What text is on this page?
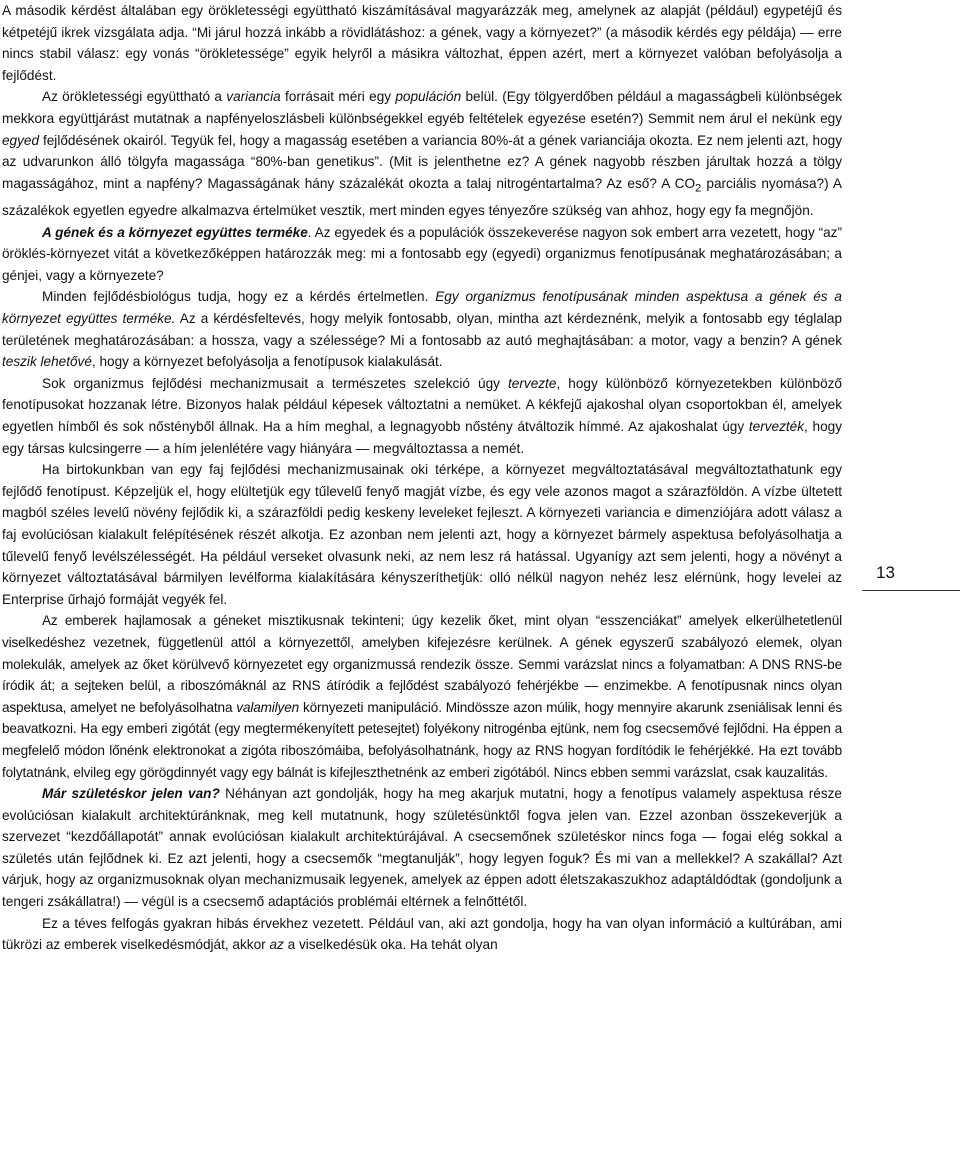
A második kérdést általában egy örökletességi együttható kiszámításával magyarázzák meg, amelynek az alapját (például) egypetéjű és kétpetéjű ikrek vizsgálata adja. “Mi járul hozzá inkább a rövidlátáshoz: a gének, vagy a környezet?” (a második kérdés egy példája) ― erre nincs stabil válasz: egy vonás “örökletessége” egyik helyről a másikra változhat, éppen azért, mert a környezet valóban befolyásolja a fejlődést.

Az örökletességi együttható a variancia forrásait méri egy populáción belül. (Egy tölgyerdőben például a magasságbeli különbségek mekkora együttjárást mutatnak a napfényeloszlásbeli különbségekkel egyéb feltételek egyezése esetén?) Semmit nem árul el nekünk egy egyed fejlődésének okairól. Tegyük fel, hogy a magasság esetében a variancia 80%-át a gének varianciája okozta. Ez nem jelenti azt, hogy az udvarunkon álló tölgyfa magassága “80%-ban genetikus”. (Mit is jelenthetne ez? A gének nagyobb részben járultak hozzá a tölgy magasságához, mint a napfény? Magasságának hány százalékát okozta a talaj nitrogéntartalma? Az eső? A $CO_2$ parciális nyomása?) A százalékok egyetlen egyedre alkalmazva értelmüket vesztik, mert minden egyes tényezőre szükség van ahhoz, hogy egy fa megnőjön.

A gének és a környezet együttes terméke. Az egyedek és a populációk összekeverése nagyon sok embert arra vezetett, hogy “az” öröklés-környezet vitát a következőképpen határozzák meg: mi a fontosabb egy (egyedi) organizmus fenotípusának meghatározásában; a génjei, vagy a környezete?

Minden fejlődésbiológus tudja, hogy ez a kérdés értelmetlen. Egy organizmus fenotípusának minden aspektusa a gének és a környezet együttes terméke. Az a kérdésfeltevés, hogy melyik fontosabb, olyan, mintha azt kérdeznénk, melyik a fontosabb egy téglalap területének meghatározásában: a hossza, vagy a szélessége? Mi a fontosabb az autó meghajtásában: a motor, vagy a benzin? A gének teszik lehetővé, hogy a környezet befolyásolja a fenotípusok kialakulását.

Sok organizmus fejlődési mechanizmusait a természetes szelekció úgy tervezte, hogy különböző környezetekben különböző fenotípusokat hozzanak létre. Bizonyos halak például képesek változtatni a nemüket. A kékfejű ajakoshal olyan csoportokban él, amelyek egyetlen hímből és sok nőstényből állnak. Ha a hím meghal, a legnagyobb nőstény átváltozik hímmé. Az ajakoshalat úgy tervezték, hogy egy társas kulcsingerre ― a hím jelenlétére vagy hiányára ― megváltoztassa a nemét.

Ha birtokunkban van egy faj fejlődési mechanizmusainak oki térképe, a környezet megváltoztatásával megváltoztathatunk egy fejlődő fenotípust. Képzeljük el, hogy elültetjük egy tűlevelű fenyő magját vízbe, és egy vele azonos magot a szárazföldön. A vízbe ültetett magból széles levelű növény fejlődik ki, a szárazföldi pedig keskeny leveleket fejleszt. A környezeti variancia e dimenziójára adott válasz a faj evolúciósan kialakult felépítésének részét alkotja. Ez azonban nem jelenti azt, hogy a környezet bármely aspektusa befolyásolhatja a tűlevelű fenyő levélszélességét. Ha például verseket olvasunk neki, az nem lesz rá hatással. Ugyanígy azt sem jelenti, hogy a növényt a környezet változtatásával bármilyen levélforma kialakítására kényszeríthetjük: olló nélkül nagyon nehéz lesz elérnünk, hogy levelei az Enterprise űrhajó formáját vegyék fel.

Az emberek hajlamosak a géneket misztikusnak tekinteni; úgy kezelik őket, mint olyan “esszenciákat” amelyek elkerülhetetlenül viselkedéshez vezetnek, függetlenül attól a környezettől, amelyben kifejezésre kerülnek. A gének egyszerű szabályozó elemek, olyan molekulák, amelyek az őket körülvevő környezetet egy organizmussá rendezik össze. Semmi varázslat nincs a folyamatban: A DNS RNS-be íródik át; a sejteken belül, a riboszómáknál az RNS átíródik a fejlődést szabályozó fehérjékbe ― enzimekbe. A fenotípusnak nincs olyan aspektusa, amelyet ne befolyásolhatna valamilyen környezeti manipuláció. Mindössze azon múlik, hogy mennyire akarunk zseniálisak lenni és beavatkozni. Ha egy emberi zigótát (egy megtermékenyített petesejtet) folyékony nitrogénba ejtünk, nem fog csecsemővé fejlődni. Ha éppen a megfelelő módon lőnénk elektronokat a zigóta riboszómáiba, befolyásolhatnánk, hogy az RNS hogyan fordítódik le fehérjékké. Ha ezt tovább folytatnánk, elvileg egy görögdinnyét vagy egy bálnát is kifejleszthetnénk az emberi zigótából. Nincs ebben semmi varázslat, csak kauzalitás.

Már születéskor jelen van? Néhányan azt gondolják, hogy ha meg akarjuk mutatni, hogy a fenotípus valamely aspektusa része evolúciósan kialakult architektúránknak, meg kell mutatnunk, hogy születésünktől fogva jelen van. Ezzel azonban összekeverjük a szervezet “kezdőállapotát” annak evolúciósan kialakult architektúrájával. A csecsemőnek születéskor nincs foga ― fogai elég sokkal a születés után fejlődnek ki. Ez azt jelenti, hogy a csecsemők “megtanulják”, hogy legyen foguk? És mi van a mellekkel? A szakállal? Azt várjuk, hogy az organizmusoknak olyan mechanizmusaik legyenek, amelyek az éppen adott életszakaszukhoz adaptáldódtak (gondoljunk a tengeri zsákállatra!) ― végül is a csecsemő adaptációs problémái eltérnek a felnőttétől.

Ez a téves felfogás gyakran hibás érvekhez vezetett. Például van, aki azt gondolja, hogy ha van olyan információ a kultúrában, ami tükrözi az emberek viselkedésmódját, akkor az a viselkedésük oka. Ha tehát olyan

13
